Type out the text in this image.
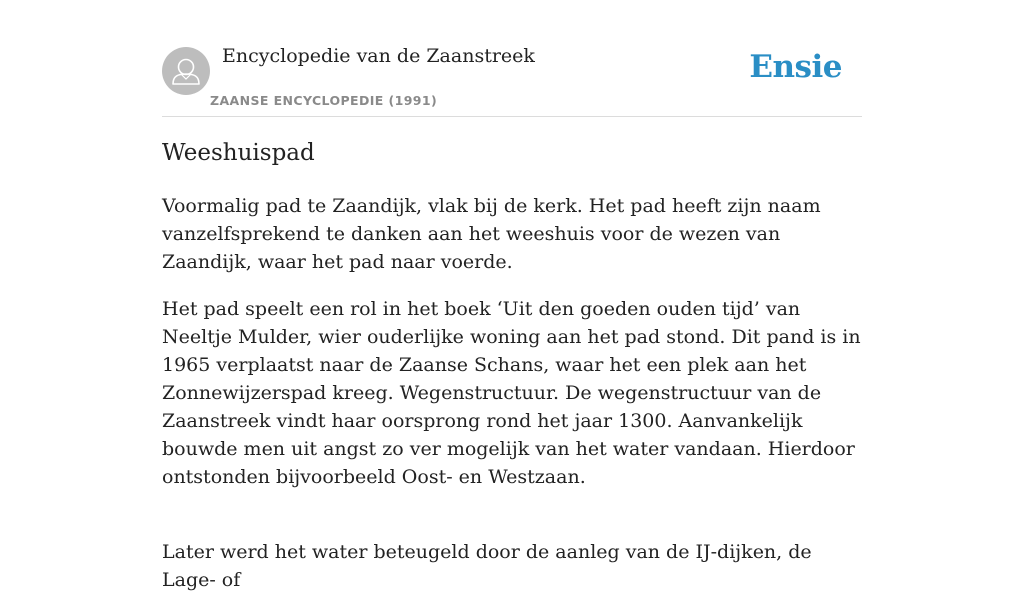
Encyclopedie van de Zaanstreek
ZAANSE ENCYCLOPEDIE (1991)
Ensie
Weeshuispad

Voormalig pad te Zaandijk, vlak bij de kerk. Het pad heeft zijn naam vanzelfsprekend te danken aan het weeshuis voor de wezen van Zaandijk, waar het pad naar voerde.

Het pad speelt een rol in het boek ‘Uit den goeden ouden tijd’ van Neeltje Mulder, wier ouderlijke woning aan het pad stond. Dit pand is in 1965 verplaatst naar de Zaanse Schans, waar het een plek aan het Zonnewijzerspad kreeg. Wegenstructuur. De wegenstructuur van de Zaanstreek vindt haar oorsprong rond het jaar 1300. Aanvankelijk bouwde men uit angst zo ver mogelijk van het water vandaan. Hierdoor ontstonden bijvoorbeeld Oost- en Westzaan.

Later werd het water beteugeld door de aanleg van de IJ-dijken, de Lage- of
